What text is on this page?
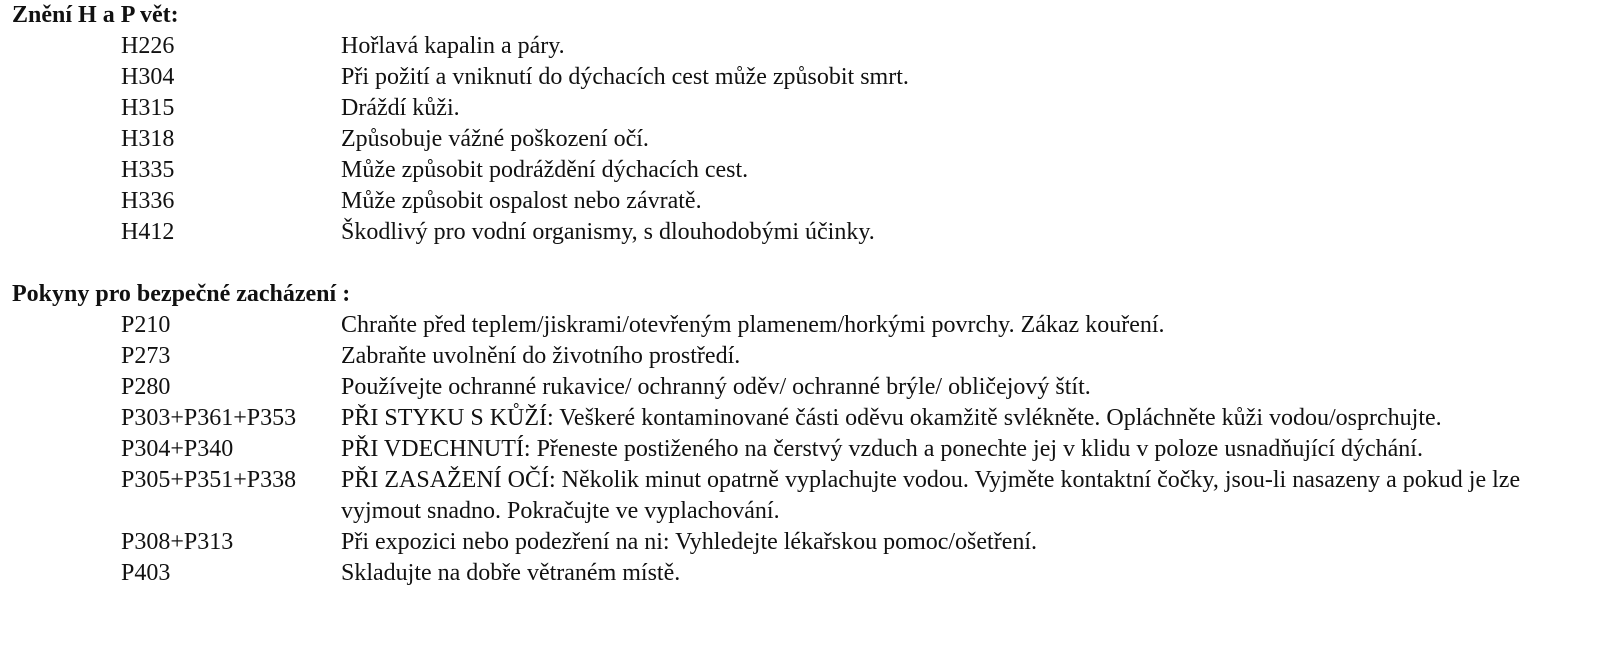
Znění H a P vět:
H226	Hořlavá kapalin a páry.
H304	Při požití a vniknutí do dýchacích cest může způsobit smrt.
H315	Dráždí kůži.
H318	Způsobuje vážné poškození očí.
H335	Může způsobit podráždění dýchacích cest.
H336	Může způsobit ospalost nebo závratě.
H412	Škodlivý pro vodní organismy, s dlouhodobými účinky.
Pokyny pro bezpečné zacházení :
P210	Chraňte před teplem/jiskrami/otevřeným plamenem/horkými povrchy. Zákaz kouření.
P273	Zabraňte uvolnění do životního prostředí.
P280	Používejte ochranné rukavice/ ochranný oděv/ ochranné brýle/ obličejový štít.
P303+P361+P353	PŘI STYKU S KŮŽÍ: Veškeré kontaminované části oděvu okamžitě svlékněte. Opláchněte kůži vodou/osprchujte.
P304+P340	PŘI VDECHNUTÍ: Přeneste postiženého na čerstvý vzduch a ponechte jej v klidu v poloze usnadňující dýchání.
P305+P351+P338	PŘI ZASAŽENÍ OČÍ: Několik minut opatrně vyplachujte vodou. Vyjměte kontaktní čočky, jsou-li nasazeny a pokud je lze vyjmout snadno. Pokračujte ve vyplachování.
P308+P313	Při expozici nebo podezření na ni: Vyhledejte lékařskou pomoc/ošetření.
P403	Skladujte na dobře větraném místě.
